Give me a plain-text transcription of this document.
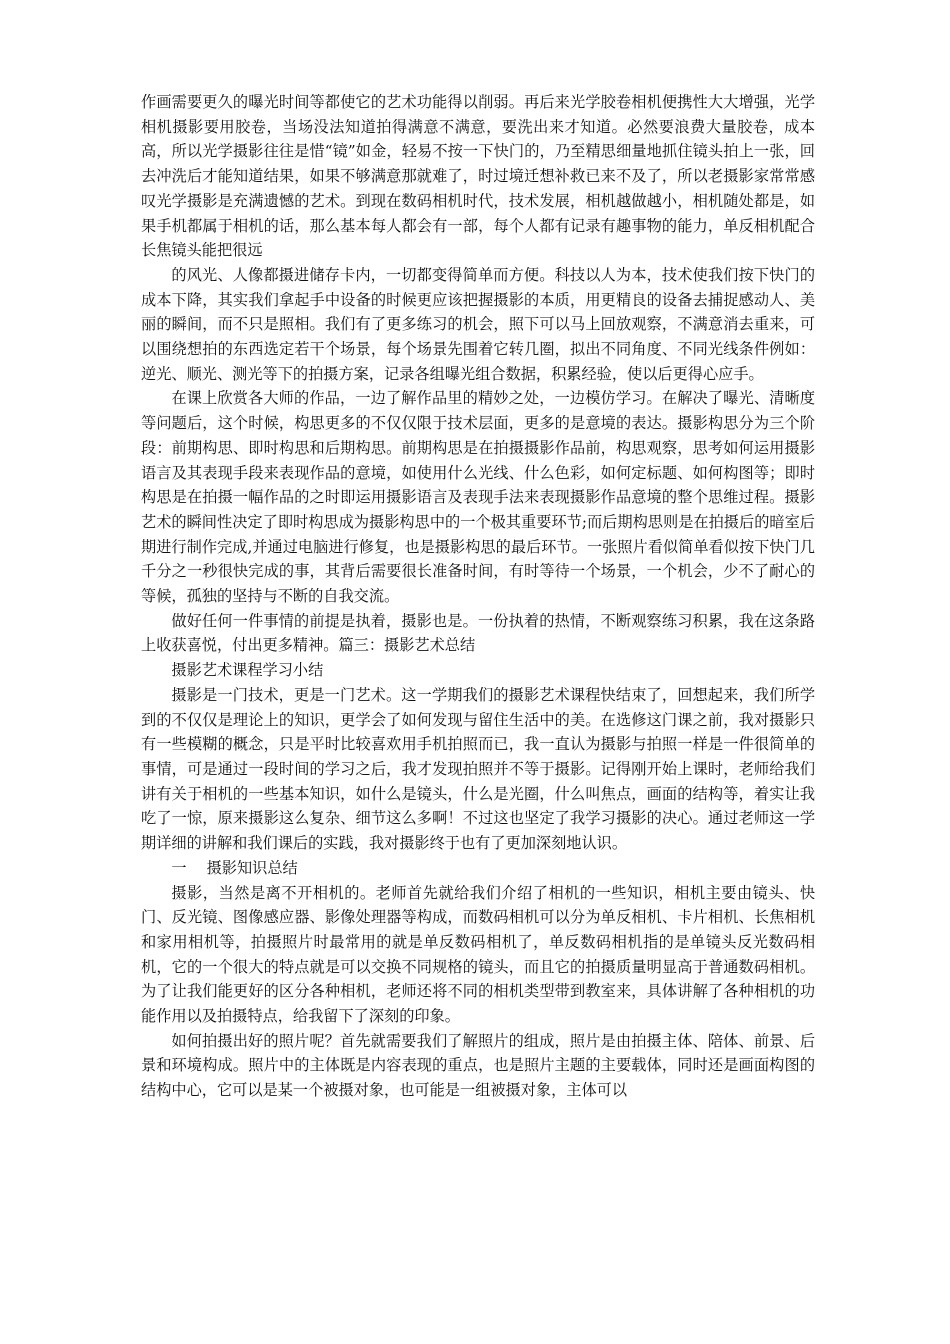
作画需要更久的曝光时间等都使它的艺术功能得以削弱。再后来光学胶卷相机便携性大大增强，光学相机摄影要用胶卷，当场没法知道拍得满意不满意，要洗出来才知道。必然要浪费大量胶卷，成本高，所以光学摄影往往是惜“镜”如金，轻易不按一下快门的，乃至精思细量地抓住镜头拍上一张，回去冲洗后才能知道结果，如果不够满意那就难了，时过境迁想补救已来不及了，所以老摄影家常常感叹光学摄影是充满遗憾的艺术。到现在数码相机时代，技术发展，相机越做越小，相机随处都是，如果手机都属于相机的话，那么基本每人都会有一部，每个人都有记录有趣事物的能力，单反相机配合长焦镜头能把很远

的风光、人像都摄进储存卡内，一切都变得简单而方便。科技以人为本，技术使我们按下快门的成本下降，其实我们拿起手中设备的时候更应该把握摄影的本质，用更精良的设备去捕捉感动人、美丽的瞬间，而不只是照相。我们有了更多练习的机会，照下可以马上回放观察，不满意消去重来，可以围绕想拍的东西选定若干个场景，每个场景先围着它转几圈，拟出不同角度、不同光线条件例如：逆光、顺光、测光等下的拍摄方案，记录各组曝光组合数据，积累经验，使以后更得心应手。

在课上欣赏各大师的作品，一边了解作品里的精妙之处，一边模仿学习。在解决了曝光、清晰度等问题后，这个时候，构思更多的不仅仅限于技术层面，更多的是意境的表达。摄影构思分为三个阶段：前期构思、即时构思和后期构思。前期构思是在拍摄摄影作品前，构思观察，思考如何运用摄影语言及其表现手段来表现作品的意境，如使用什么光线、什么色彩，如何定标题、如何构图等；即时构思是在拍摄一幅作品的之时即运用摄影语言及表现手法来表现摄影作品意境的整个思维过程。摄影艺术的瞬间性决定了即时构思成为摄影构思中的一个极其重要环节;而后期构思则是在拍摄后的暗室后期进行制作完成,并通过电脑进行修复，也是摄影构思的最后环节。一张照片看似简单看似按下快门几千分之一秒很快完成的事，其背后需要很长准备时间，有时等待一个场景，一个机会，少不了耐心的等候，孤独的坚持与不断的自我交流。

做好任何一件事情的前提是执着，摄影也是。一份执着的热情，不断观察练习积累，我在这条路上收获喜悦，付出更多精神。篇三：摄影艺术总结

摄影艺术课程学习小结

摄影是一门技术，更是一门艺术。这一学期我们的摄影艺术课程快结束了，回想起来，我们所学到的不仅仅是理论上的知识，更学会了如何发现与留住生活中的美。在选修这门课之前，我对摄影只有一些模糊的概念，只是平时比较喜欢用手机拍照而已，我一直认为摄影与拍照一样是一件很简单的事情，可是通过一段时间的学习之后，我才发现拍照并不等于摄影。记得刚开始上课时，老师给我们讲有关于相机的一些基本知识，如什么是镜头，什么是光圈，什么叫焦点，画面的结构等，着实让我吃了一惊，原来摄影这么复杂、细节这么多啊！不过这也坚定了我学习摄影的决心。通过老师这一学期详细的讲解和我们课后的实践，我对摄影终于也有了更加深刻地认识。

一　 摄影知识总结

摄影，当然是离不开相机的。老师首先就给我们介绍了相机的一些知识，相机主要由镜头、快门、反光镜、图像感应器、影像处理器等构成，而数码相机可以分为单反相机、卡片相机、长焦相机和家用相机等，拍摄照片时最常用的就是单反数码相机了，单反数码相机指的是单镜头反光数码相机，它的一个很大的特点就是可以交换不同规格的镜头，而且它的拍摄质量明显高于普通数码相机。为了让我们能更好的区分各种相机，老师还将不同的相机类型带到教室来，具体讲解了各种相机的功能作用以及拍摄特点，给我留下了深刻的印象。

如何拍摄出好的照片呢？首先就需要我们了解照片的组成，照片是由拍摄主体、陪体、前景、后景和环境构成。照片中的主体既是内容表现的重点，也是照片主题的主要载体，同时还是画面构图的结构中心，它可以是某一个被摄对象，也可能是一组被摄对象，主体可以
